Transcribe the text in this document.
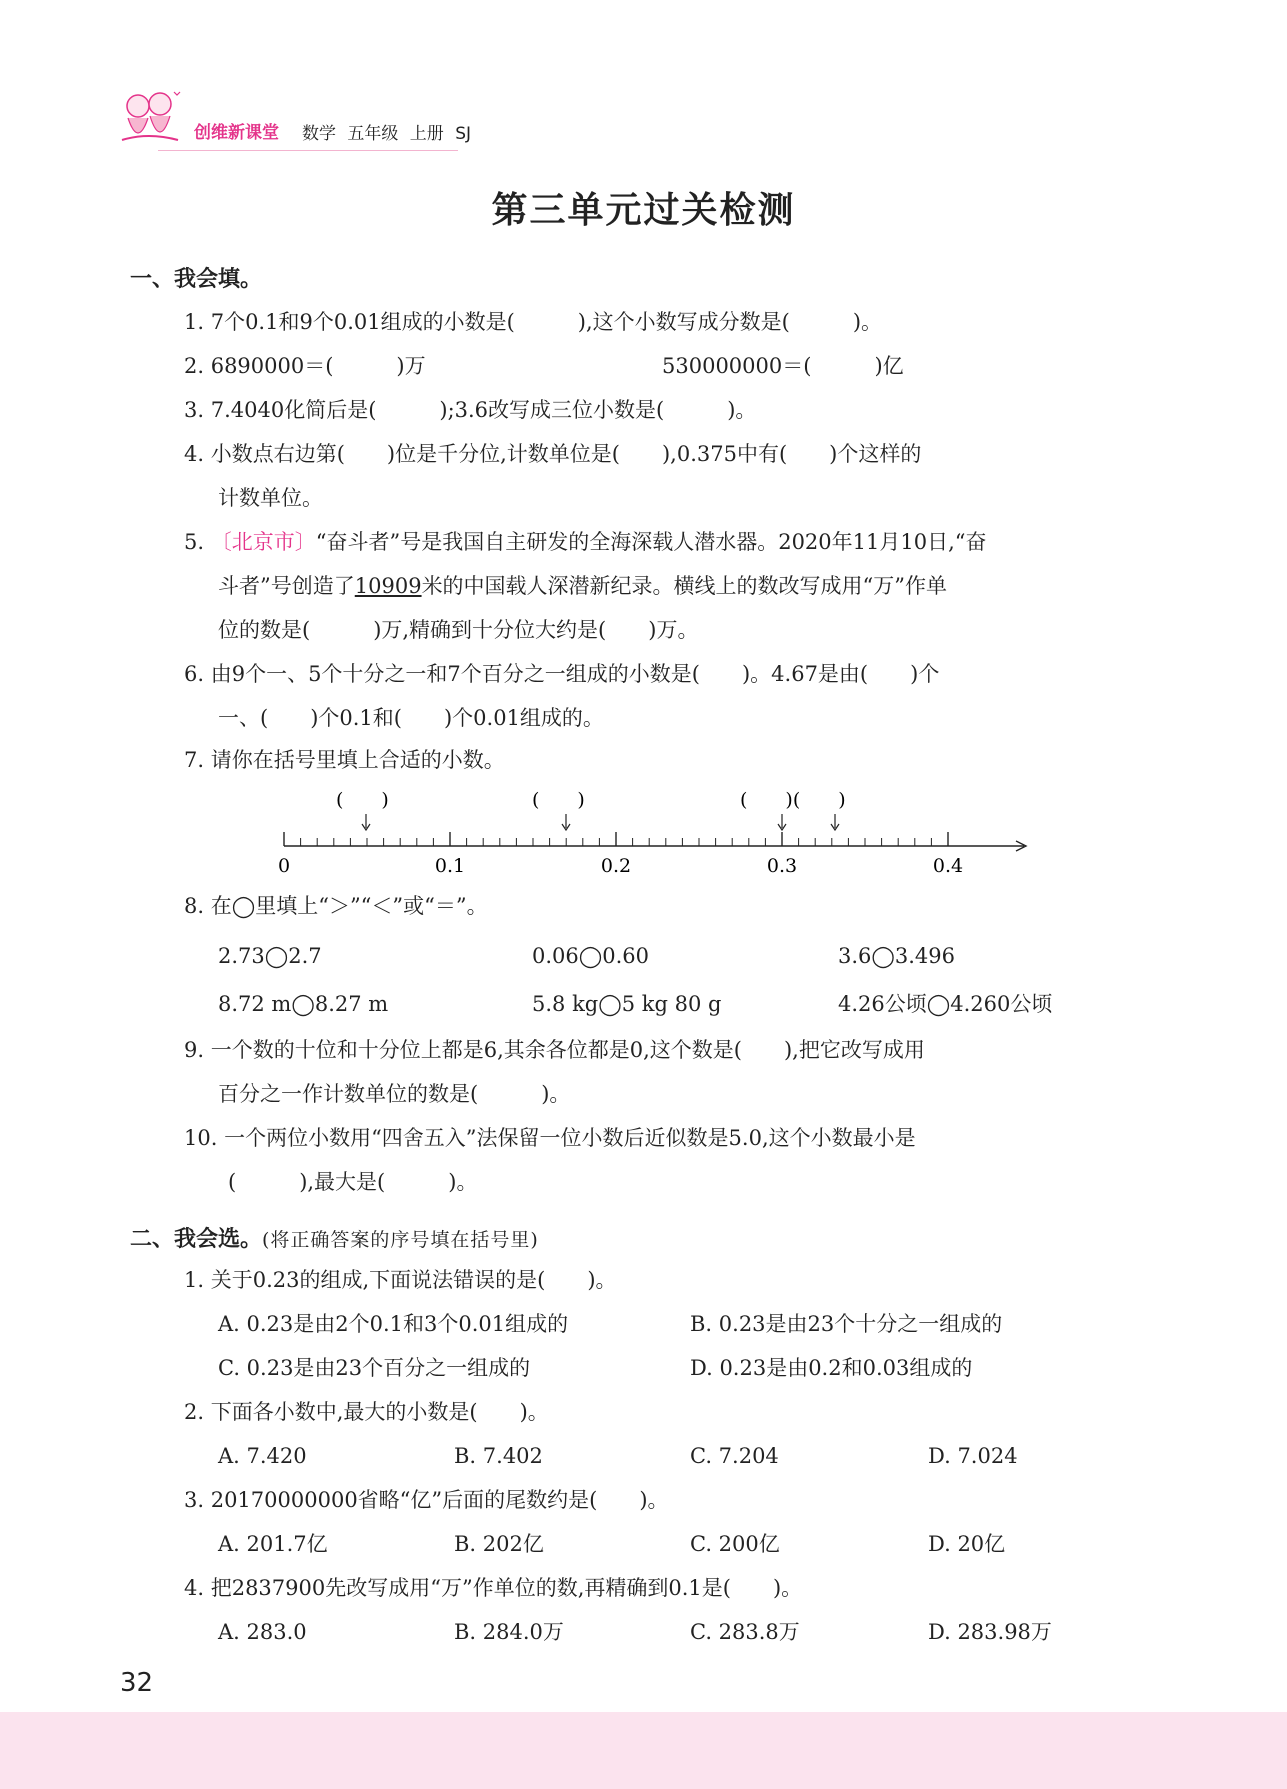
创维新课堂 数学 五年级 上册 SJ
第三单元过关检测
一、我会填。
1. 7个0.1和9个0.01组成的小数是(　　　),这个小数写成分数是(　　　)。
2. 6890000＝(　　　)万	530000000＝(　　　)亿
3. 7.4040化简后是(　　　);3.6改写成三位小数是(　　　)。
4. 小数点右边第(　　)位是千分位,计数单位是(　　),0.375中有(　　)个这样的
计数单位。
5. 〔北京市〕“奋斗者”号是我国自主研发的全海深载人潜水器。2020年11月10日,“奋
斗者”号创造了10909米的中国载人深潜新纪录。横线上的数改写成用“万”作单
位的数是(　　　)万,精确到十分位大约是(　　)万。
6. 由9个一、5个十分之一和7个百分之一组成的小数是(　　)。4.67是由(　　)个
一、(　　)个0.1和(　　)个0.01组成的。
7. 请你在括号里填上合适的小数。
(　　)	(　　)	(　　)(　　)
0	0.1	0.2	0.3	0.4
8. 在◯里填上“＞”“＜”或“＝”。
2.73◯2.7	0.06◯0.60	3.6◯3.496
8.72 m◯8.27 m	5.8 kg◯5 kg 80 g	4.26公顷◯4.260公顷
9. 一个数的十位和十分位上都是6,其余各位都是0,这个数是(　　),把它改写成用
百分之一作计数单位的数是(　　　)。
10. 一个两位小数用“四舍五入”法保留一位小数后近似数是5.0,这个小数最小是
(　　　),最大是(　　　)。
二、我会选。(将正确答案的序号填在括号里)
1. 关于0.23的组成,下面说法错误的是(　　)。
A. 0.23是由2个0.1和3个0.01组成的	B. 0.23是由23个十分之一组成的
C. 0.23是由23个百分之一组成的	D. 0.23是由0.2和0.03组成的
2. 下面各小数中,最大的小数是(　　)。
A. 7.420	B. 7.402	C. 7.204	D. 7.024
3. 20170000000省略“亿”后面的尾数约是(　　)。
A. 201.7亿	B. 202亿	C. 200亿	D. 20亿
4. 把2837900先改写成用“万”作单位的数,再精确到0.1是(　　)。
A. 283.0	B. 284.0万	C. 283.8万	D. 283.98万
32
